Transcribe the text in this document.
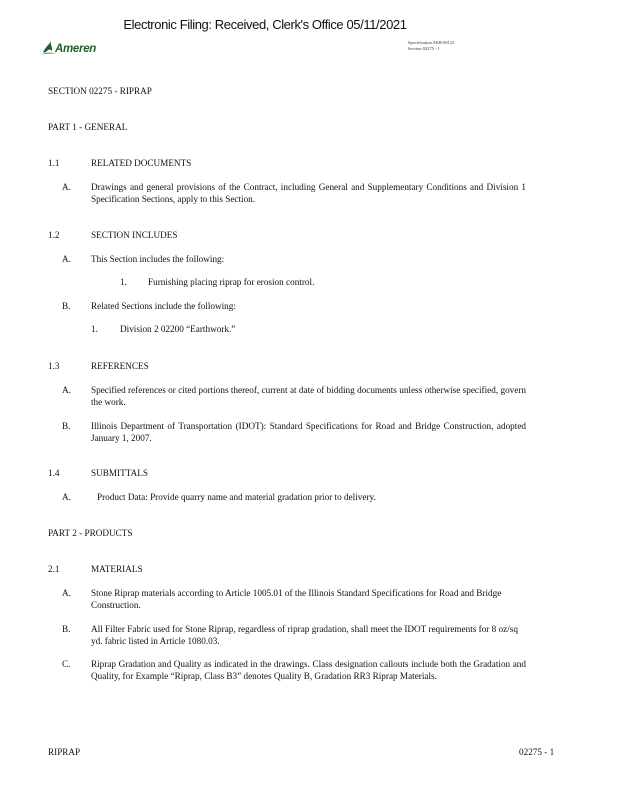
Electronic Filing: Received, Clerk's Office 05/11/2021
Ameren
Specification AEB-00123
Section 02275 - 1
SECTION 02275 - RIPRAP
PART 1 - GENERAL
1.1	RELATED DOCUMENTS
A. Drawings and general provisions of the Contract, including General and Supplementary Conditions and Division 1 Specification Sections, apply to this Section.
1.2	SECTION INCLUDES
A. This Section includes the following:
1. Furnishing placing riprap for erosion control.
B. Related Sections include the following:
1. Division 2 02200 “Earthwork.”
1.3	REFERENCES
A. Specified references or cited portions thereof, current at date of bidding documents unless otherwise specified, govern the work.
B. Illinois Department of Transportation (IDOT): Standard Specifications for Road and Bridge Construction, adopted January 1, 2007.
1.4	SUBMITTALS
A.	Product Data: Provide quarry name and material gradation prior to delivery.
PART 2 - PRODUCTS
2.1	MATERIALS
A. Stone Riprap materials according to Article 1005.01 of the Illinois Standard Specifications for Road and Bridge Construction.
B. All Filter Fabric used for Stone Riprap, regardless of riprap gradation, shall meet the IDOT requirements for 8 oz/sq yd. fabric listed in Article 1080.03.
C. Riprap Gradation and Quality as indicated in the drawings. Class designation callouts include both the Gradation and Quality, for Example “Riprap, Class B3” denotes Quality B, Gradation RR3 Riprap Materials.
RIPRAP	02275 - 1
